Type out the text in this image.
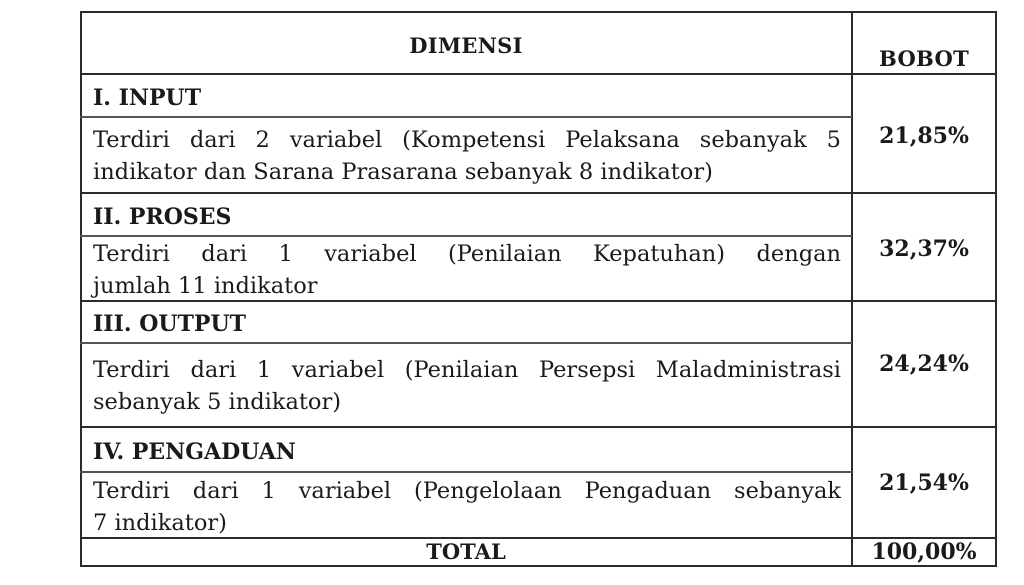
DIMENSI
BOBOT
I. INPUT
Terdiri dari 2 variabel (Kompetensi Pelaksana sebanyak 5
indikator dan Sarana Prasarana sebanyak 8 indikator)
21,85%
II. PROSES
Terdiri dari 1 variabel (Penilaian Kepatuhan) dengan
jumlah 11 indikator
32,37%
III. OUTPUT
Terdiri dari 1 variabel (Penilaian Persepsi Maladministrasi
sebanyak 5 indikator)
24,24%
IV. PENGADUAN
Terdiri dari 1 variabel (Pengelolaan Pengaduan sebanyak
7 indikator)
21,54%
TOTAL	100,00%
